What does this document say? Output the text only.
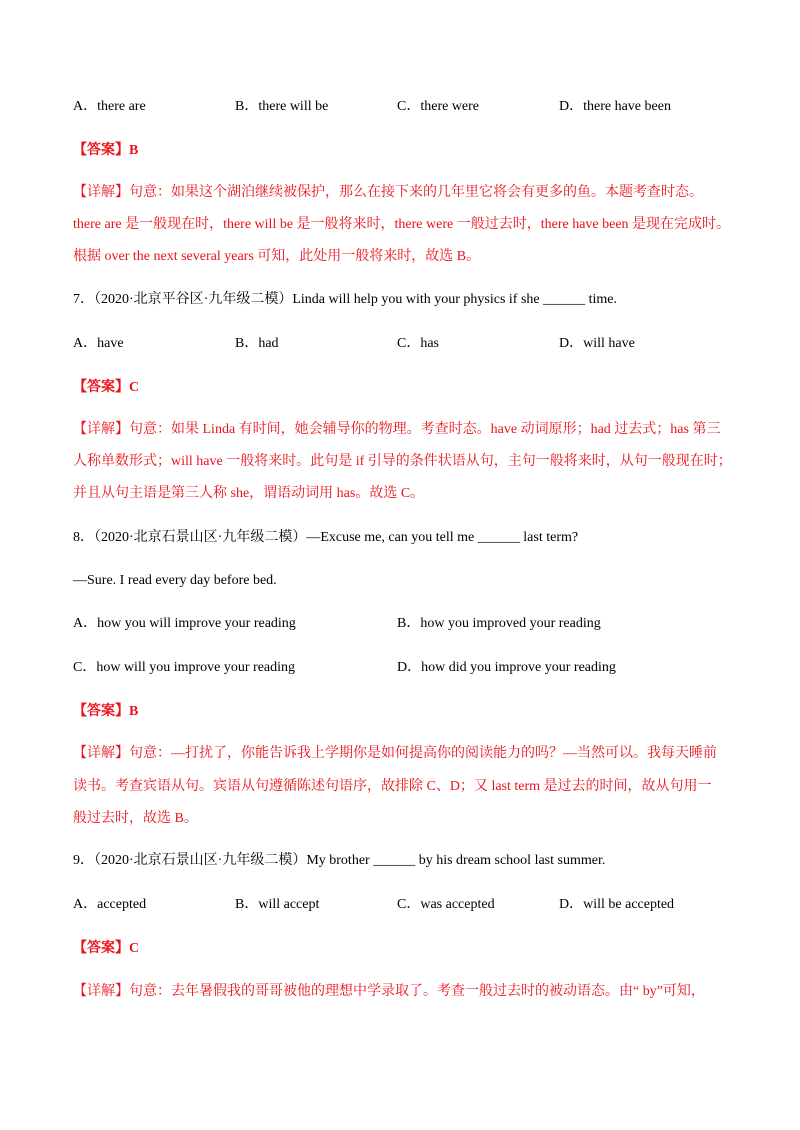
A．there are	B．there will be	C．there were	D．there have been
【答案】B
【详解】句意：如果这个湖泊继续被保护，那么在接下来的几年里它将会有更多的鱼。本题考查时态。
there are 是一般现在时，there will be 是一般将来时，there were 一般过去时，there have been 是现在完成时。
根据 over the next several years 可知，此处用一般将来时，故选 B。
7．（2020·北京平谷区·九年级二模）Linda will help you with your physics if she ______ time.
A．have	B．had	C．has	D．will have
【答案】C
【详解】句意：如果 Linda 有时间，她会辅导你的物理。考查时态。have 动词原形；had 过去式；has 第三
人称单数形式；will have 一般将来时。此句是 if 引导的条件状语从句，主句一般将来时，从句一般现在时；
并且从句主语是第三人称 she，谓语动词用 has。故选 C。
8．（2020·北京石景山区·九年级二模）—Excuse me, can you tell me ______ last term?
—Sure. I read every day before bed.
A．how you will improve your reading	B．how you improved your reading
C．how will you improve your reading	D．how did you improve your reading
【答案】B
【详解】句意：—打扰了，你能告诉我上学期你是如何提高你的阅读能力的吗？—当然可以。我每天睡前
读书。考查宾语从句。宾语从句遵循陈述句语序，故排除 C、D；又 last term 是过去的时间，故从句用一
般过去时，故选 B。
9．（2020·北京石景山区·九年级二模）My brother ______ by his dream school last summer.
A．accepted	B．will accept	C．was accepted	D．will be accepted
【答案】C
【详解】句意：去年暑假我的哥哥被他的理想中学录取了。考查一般过去时的被动语态。由“ by”可知，
